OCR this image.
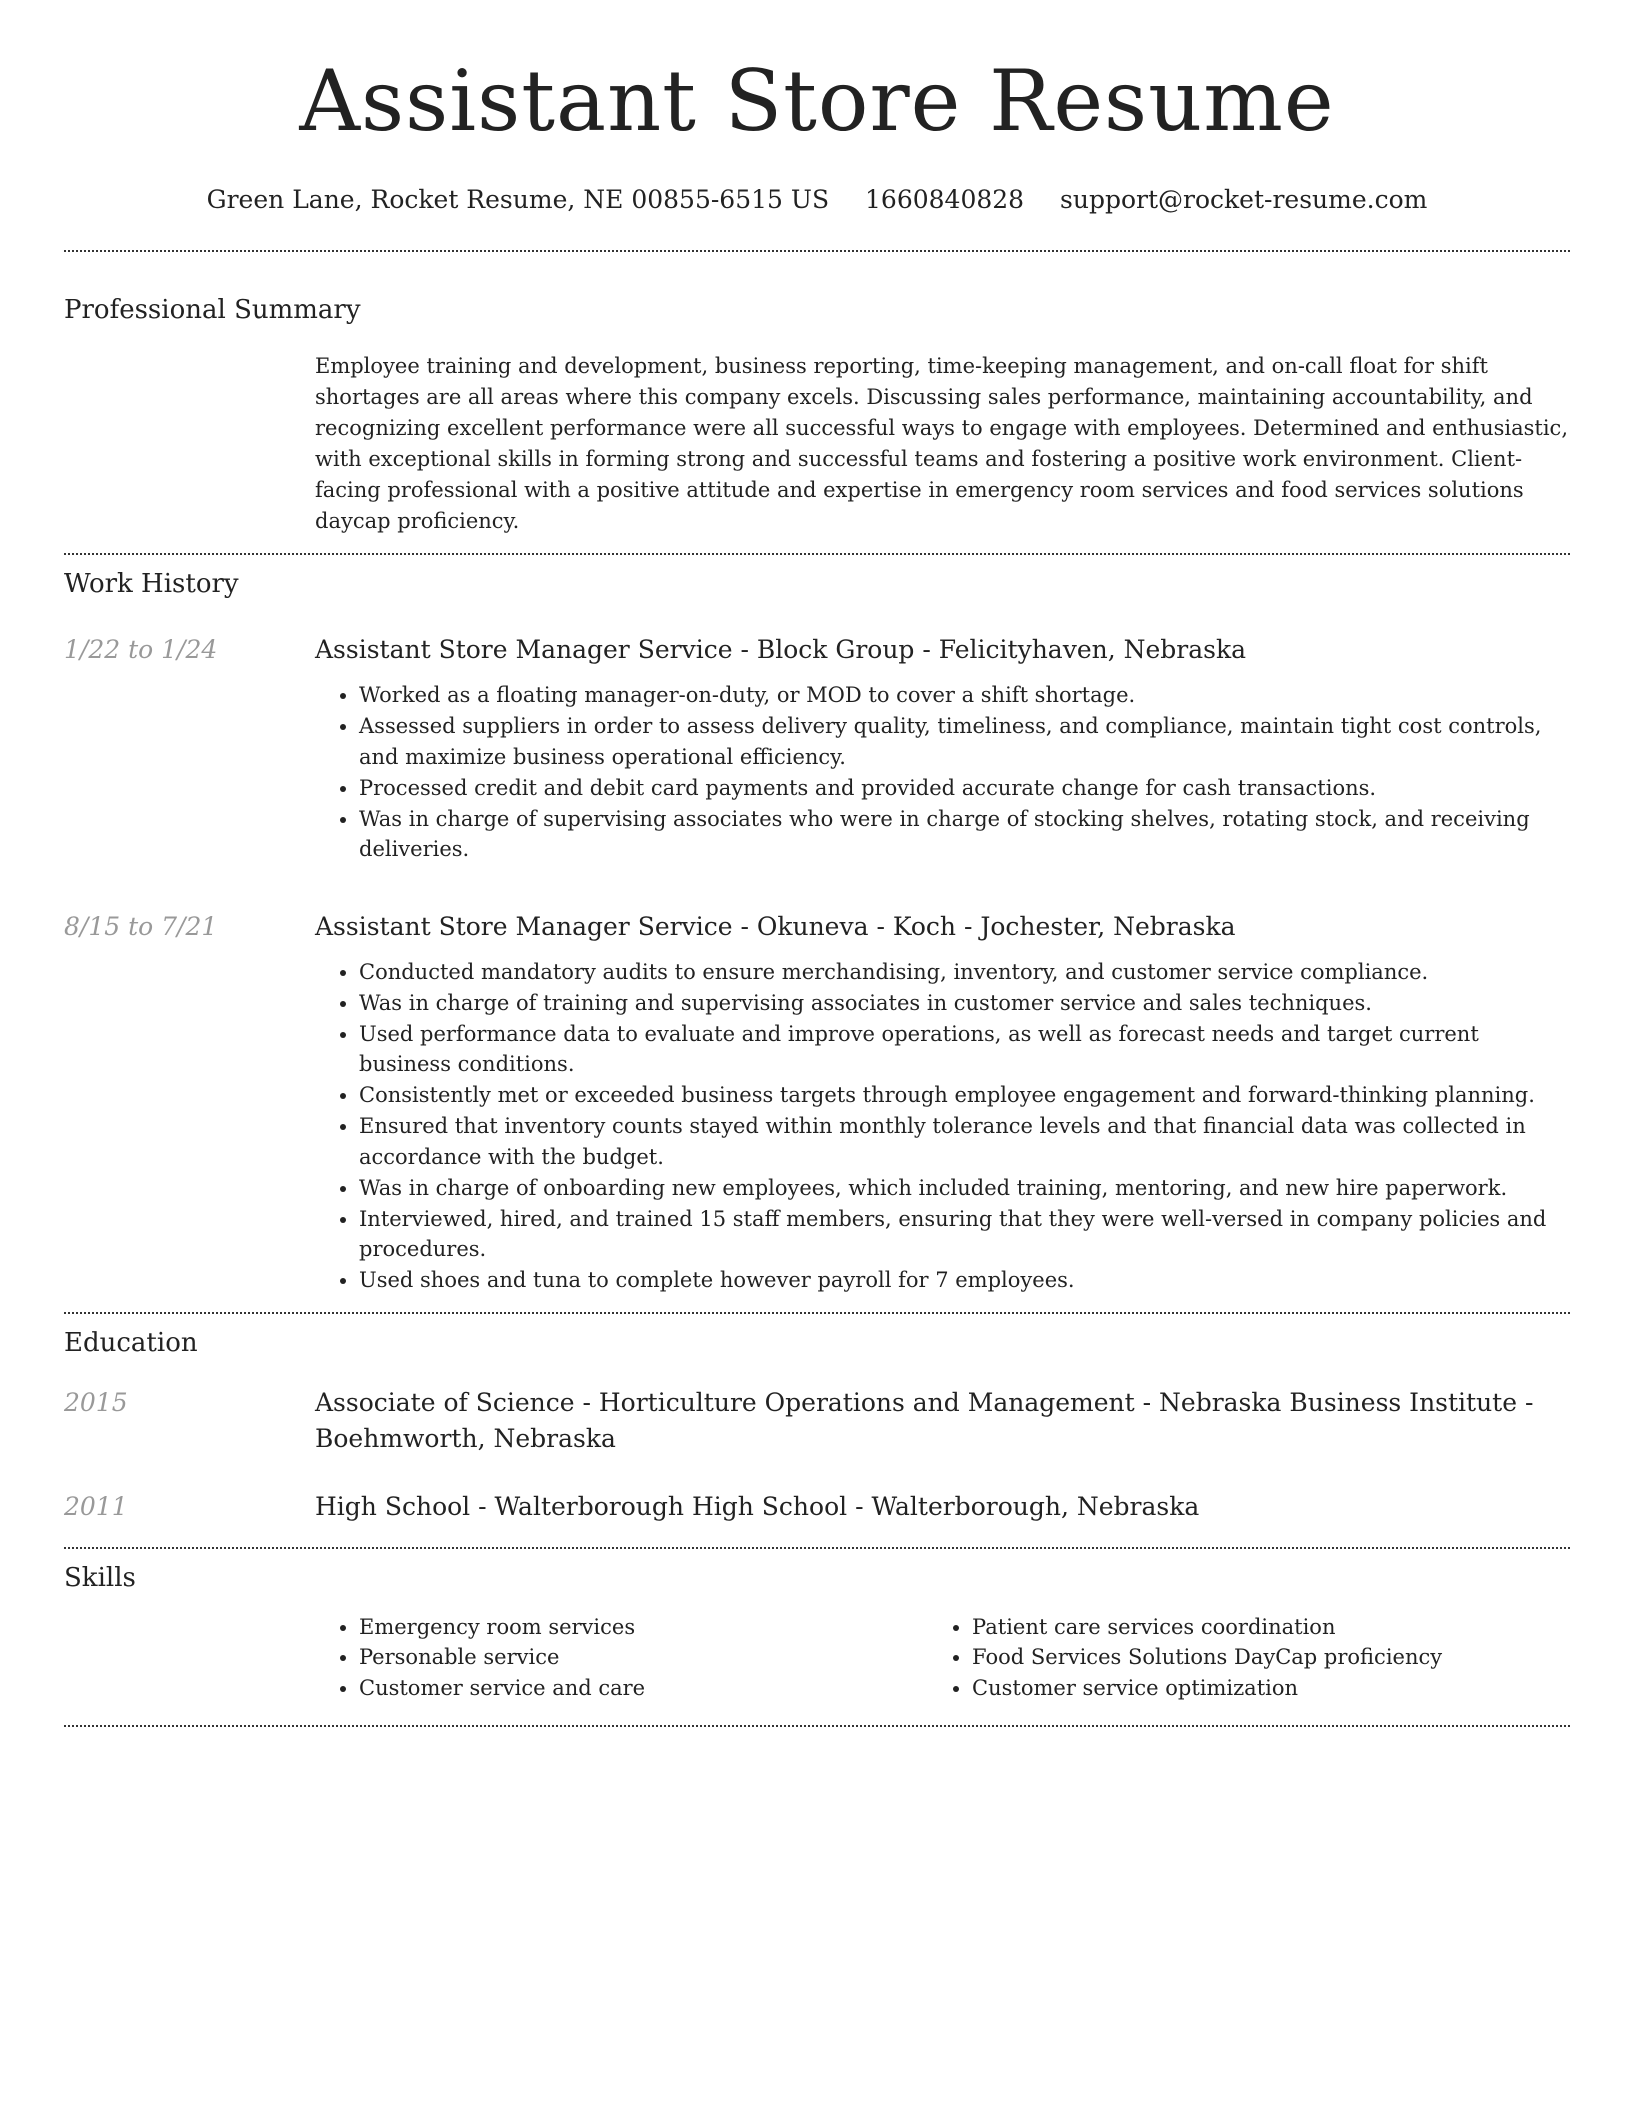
Assistant Store Resume
Green Lane, Rocket Resume, NE 00855-6515 US 1660840828 support@rocket-resume.com
Professional Summary
Employee training and development, business reporting, time-keeping management, and on-call float for shift shortages are all areas where this company excels. Discussing sales performance, maintaining accountability, and recognizing excellent performance were all successful ways to engage with employees. Determined and enthusiastic, with exceptional skills in forming strong and successful teams and fostering a positive work environment. Client-facing professional with a positive attitude and expertise in emergency room services and food services solutions daycap proficiency.
Work History
1/22 to 1/24	Assistant Store Manager Service - Block Group - Felicityhaven, Nebraska
• Worked as a floating manager-on-duty, or MOD to cover a shift shortage.
• Assessed suppliers in order to assess delivery quality, timeliness, and compliance, maintain tight cost controls, and maximize business operational efficiency.
• Processed credit and debit card payments and provided accurate change for cash transactions.
• Was in charge of supervising associates who were in charge of stocking shelves, rotating stock, and receiving deliveries.
8/15 to 7/21	Assistant Store Manager Service - Okuneva - Koch - Jochester, Nebraska
• Conducted mandatory audits to ensure merchandising, inventory, and customer service compliance.
• Was in charge of training and supervising associates in customer service and sales techniques.
• Used performance data to evaluate and improve operations, as well as forecast needs and target current business conditions.
• Consistently met or exceeded business targets through employee engagement and forward-thinking planning.
• Ensured that inventory counts stayed within monthly tolerance levels and that financial data was collected in accordance with the budget.
• Was in charge of onboarding new employees, which included training, mentoring, and new hire paperwork.
• Interviewed, hired, and trained 15 staff members, ensuring that they were well-versed in company policies and procedures.
• Used shoes and tuna to complete however payroll for 7 employees.
Education
2015	Associate of Science - Horticulture Operations and Management - Nebraska Business Institute - Boehmworth, Nebraska
2011	High School - Walterborough High School - Walterborough, Nebraska
Skills
• Emergency room services
• Personable service
• Customer service and care
• Patient care services coordination
• Food Services Solutions DayCap proficiency
• Customer service optimization
